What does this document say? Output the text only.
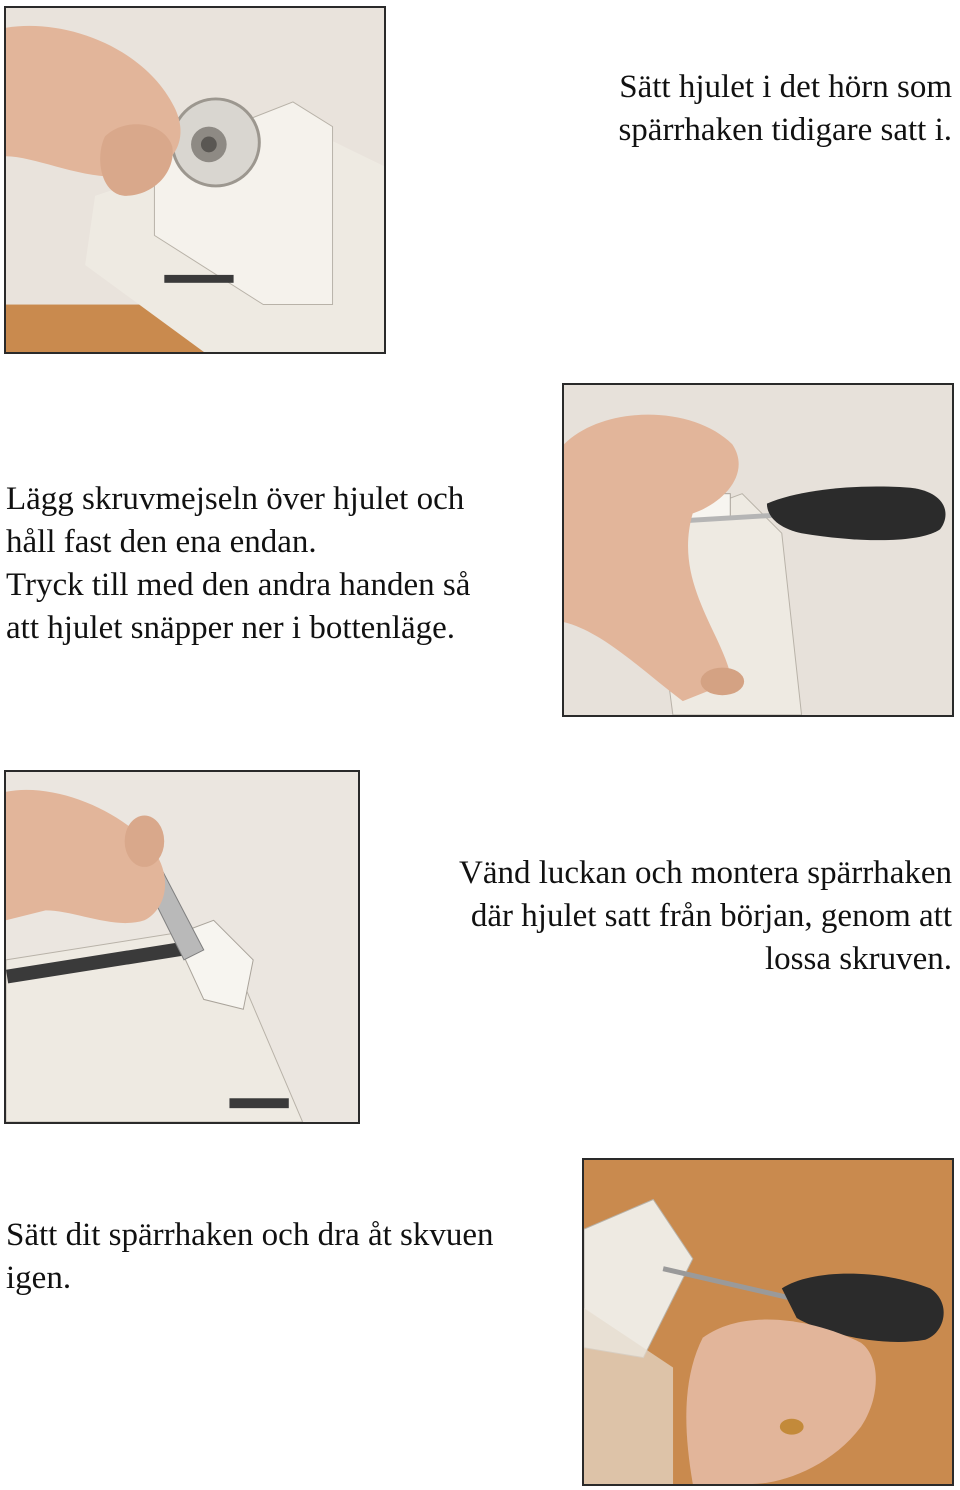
Sätt hjulet i det hörn som
spärrhaken tidigare satt i.

Lägg skruvmejseln över hjulet och
håll fast den ena endan.
Tryck till med den andra handen så
att hjulet snäpper ner i bottenläge.

Vänd luckan och montera spärrhaken
där hjulet satt från början, genom att
lossa skruven.

Sätt dit spärrhaken och dra åt skvuen
igen.
